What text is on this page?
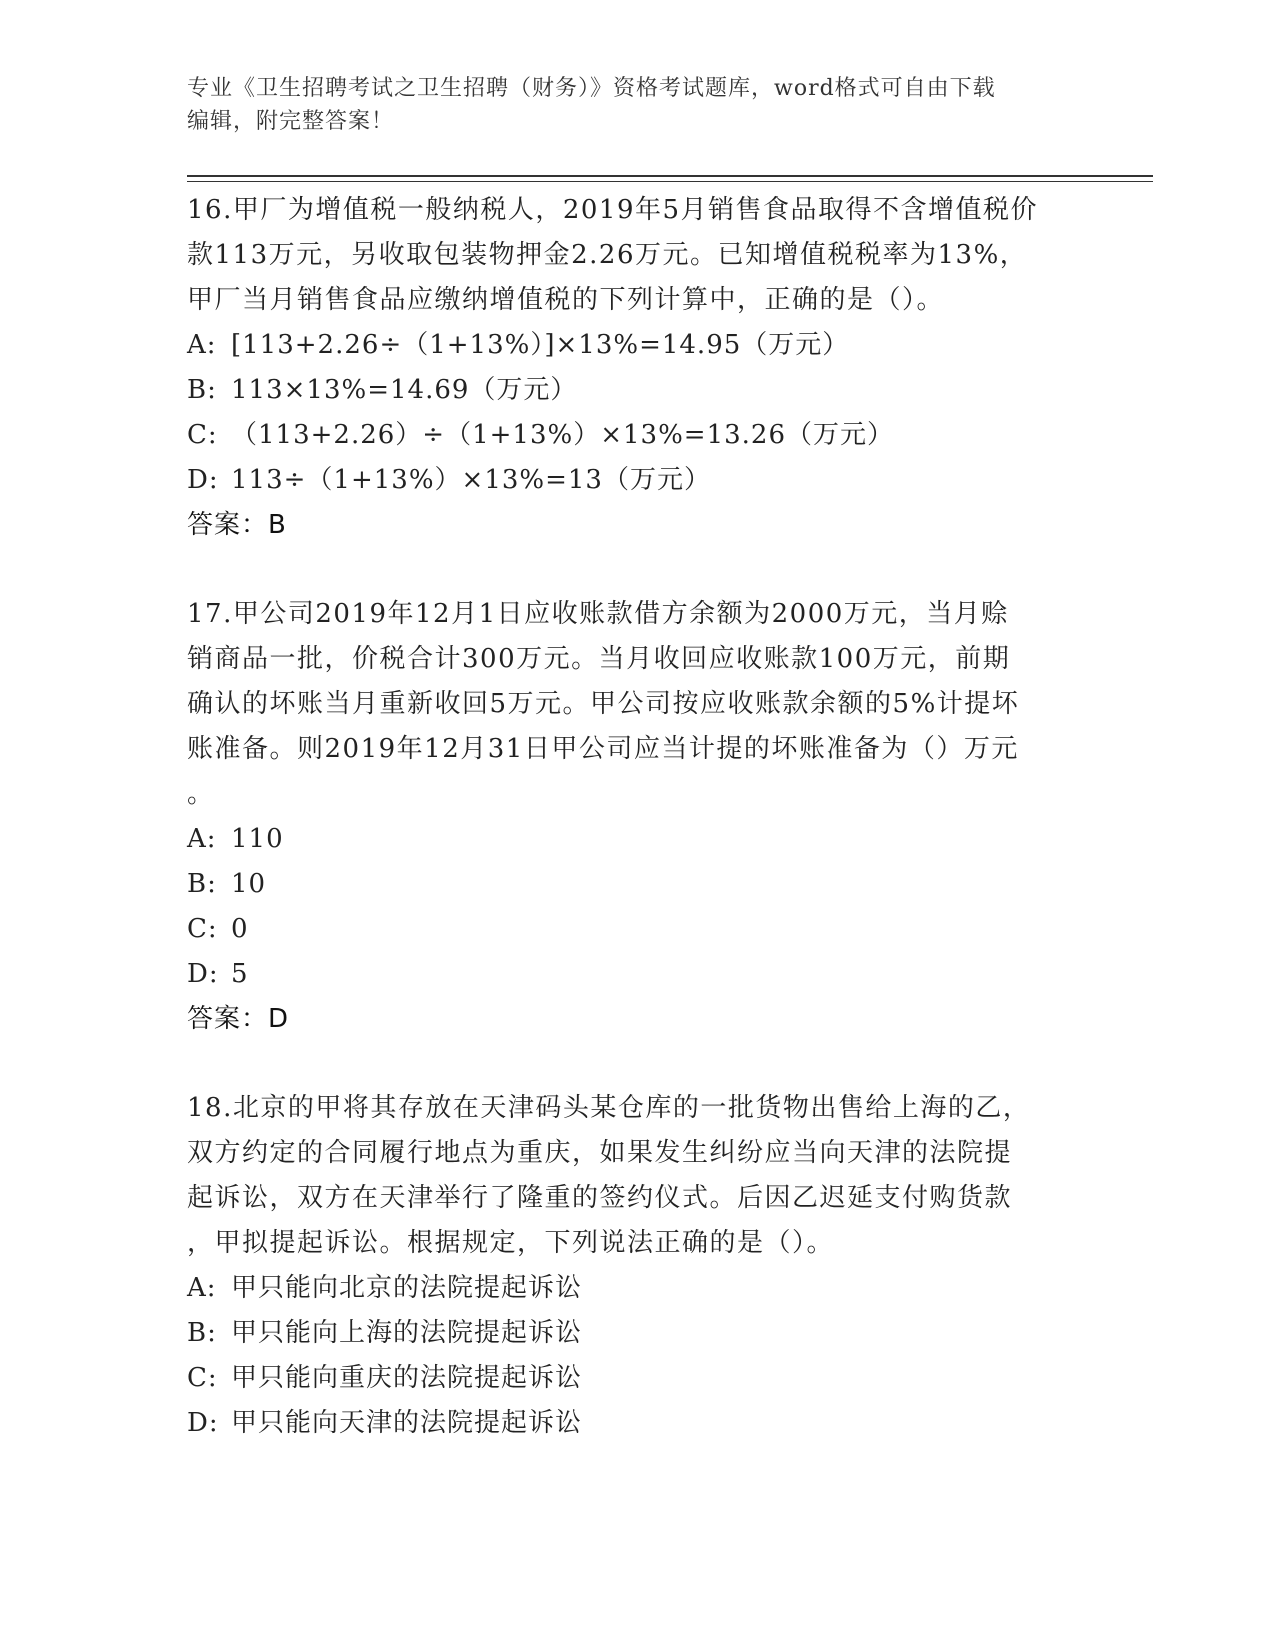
专业《卫生招聘考试之卫生招聘（财务）》资格考试题库，word格式可自由下载
编辑，附完整答案！

16.甲厂为增值税一般纳税人，2019年5月销售食品取得不含增值税价

款113万元，另收取包装物押金2.26万元。已知增值税税率为13%，

甲厂当月销售食品应缴纳增值税的下列计算中，正确的是（）。

A: [113+2.26÷（1+13%）]×13%=14.95（万元）

B: 113×13%=14.69（万元）

C: （113+2.26）÷（1+13%）×13%=13.26（万元）

D: 113÷（1+13%）×13%=13（万元）

答案：B

17.甲公司2019年12月1日应收账款借方余额为2000万元，当月赊

销商品一批，价税合计300万元。当月收回应收账款100万元，前期

确认的坏账当月重新收回5万元。甲公司按应收账款余额的5%计提坏

账准备。则2019年12月31日甲公司应当计提的坏账准备为（）万元

。

A: 110

B: 10

C: 0

D: 5

答案：D

18.北京的甲将其存放在天津码头某仓库的一批货物出售给上海的乙，

双方约定的合同履行地点为重庆，如果发生纠纷应当向天津的法院提

起诉讼，双方在天津举行了隆重的签约仪式。后因乙迟延支付购货款

，甲拟提起诉讼。根据规定，下列说法正确的是（）。

A: 甲只能向北京的法院提起诉讼

B: 甲只能向上海的法院提起诉讼

C: 甲只能向重庆的法院提起诉讼

D: 甲只能向天津的法院提起诉讼
